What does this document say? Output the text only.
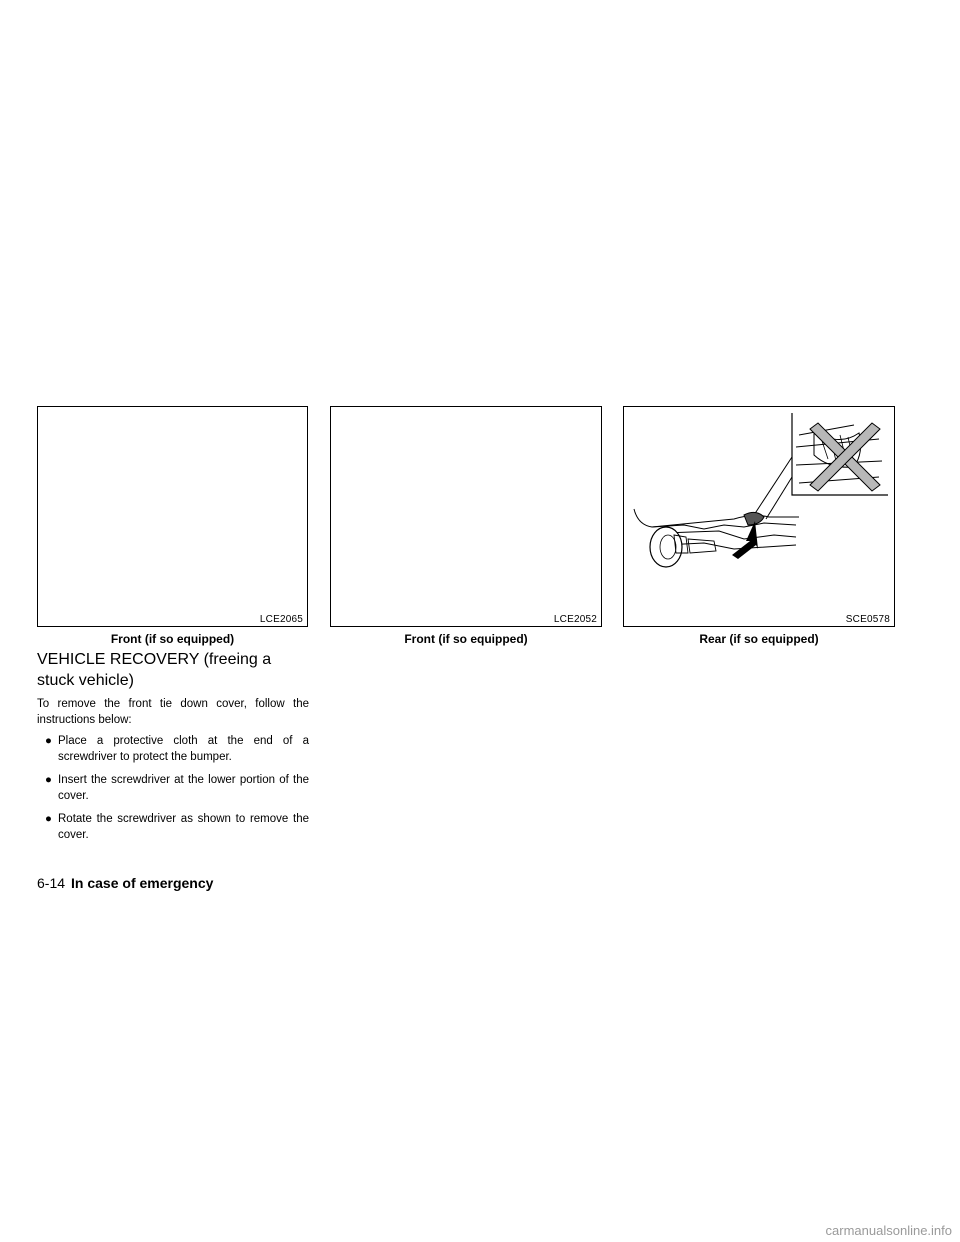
LCE2065
Front (if so equipped)
LCE2052
Front (if so equipped)
SCE0578
Rear (if so equipped)
VEHICLE RECOVERY (freeing a stuck vehicle)

To remove the front tie down cover, follow the instructions below:

● Place a protective cloth at the end of a screwdriver to protect the bumper.
● Insert the screwdriver at the lower portion of the cover.
● Rotate the screwdriver as shown to remove the cover.
6-14 In case of emergency
carmanualsonline.info
